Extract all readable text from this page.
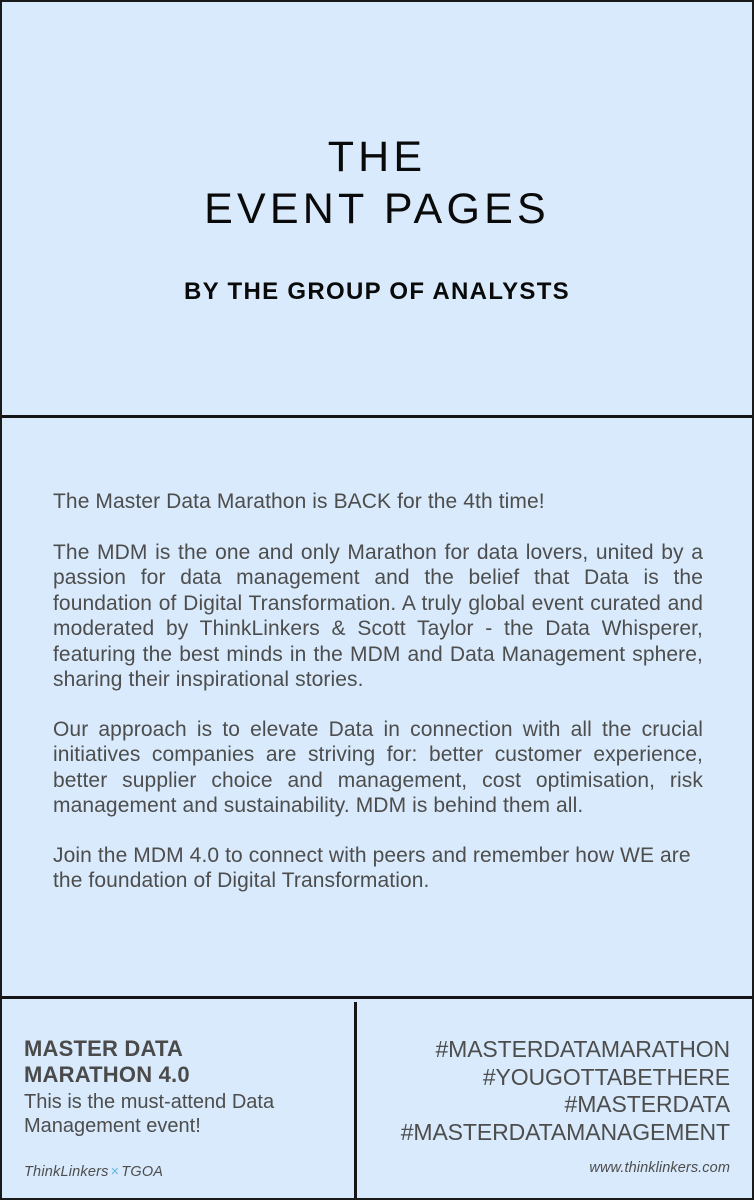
THE
EVENT PAGES
BY THE GROUP OF ANALYSTS

The Master Data Marathon is BACK for the 4th time!

The MDM is the one and only Marathon for data lovers, united by a passion for data management and the belief that Data is the foundation of Digital Transformation. A truly global event curated and moderated by ThinkLinkers & Scott Taylor - the Data Whisperer, featuring the best minds in the MDM and Data Management sphere, sharing their inspirational stories.

Our approach is to elevate Data in connection with all the crucial initiatives companies are striving for: better customer experience, better supplier choice and management, cost optimisation, risk management and sustainability. MDM is behind them all.

Join the MDM 4.0 to connect with peers and remember how WE are the foundation of Digital Transformation.

MASTER DATA
MARATHON 4.0

This is the must-attend Data
Management event!

ThinkLinkers × TGOA
#MASTERDATAMARATHON
#YOUGOTTABETHERE
#MASTERDATA
#MASTERDATAMANAGEMENT
www.thinklinkers.com
